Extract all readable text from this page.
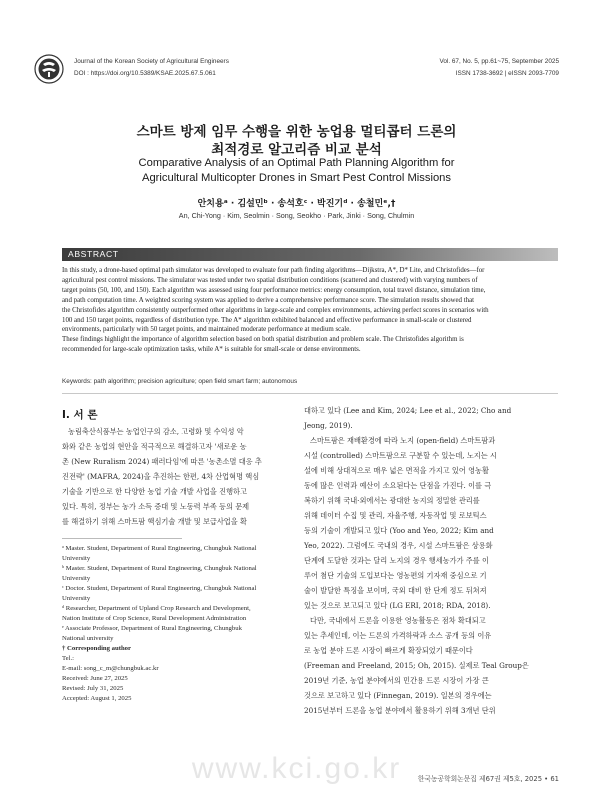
Journal of the Korean Society of Agricultural Engineers
DOI : https://doi.org/10.5389/KSAE.2025.67.5.061
Vol. 67, No. 5, pp.61~75, September 2025
ISSN 1738-3692 | eISSN 2093-7709
스마트 방제 임무 수행을 위한 농업용 멀티콥터 드론의
최적경로 알고리즘 비교 분석
Comparative Analysis of an Optimal Path Planning Algorithm for
Agricultural Multicopter Drones in Smart Pest Control Missions
안치용ᵃ · 김설민ᵇ · 송석호ᶜ · 박진기ᵈ · 송철민ᵉ,†
An, Chi-Yong · Kim, Seolmin · Song, Seokho · Park, Jinki · Song, Chulmin
ABSTRACT

In this study, a drone-based optimal path simulator was developed to evaluate four path finding algorithms—Dijkstra, A*, D* Lite, and Christofides—for

agricultural pest control missions. The simulator was tested under two spatial distribution conditions (scattered and clustered) with varying numbers of

target points (50, 100, and 150). Each algorithm was assessed using four performance metrics: energy consumption, total travel distance, simulation time,

and path computation time. A weighted scoring system was applied to derive a comprehensive performance score. The simulation results showed that

the Christofides algorithm consistently outperformed other algorithms in large-scale and complex environments, achieving perfect scores in scenarios with

100 and 150 target points, regardless of distribution type. The A* algorithm exhibited balanced and effective performance in small-scale or clustered

environments, particularly with 50 target points, and maintained moderate performance at medium scale.

These findings highlight the importance of algorithm selection based on both spatial distribution and problem scale. The Christofides algorithm is

recommended for large-scale optimization tasks, while A* is suitable for small-scale or dense environments.

Keywords: path algorithm; precision agriculture; open field smart farm; autonomous
Ⅰ. 서 론
농림축산식품부는 농업인구의 감소, 고령화 및 수익성 악
화와 같은 농업의 현안을 적극적으로 해결하고자 '새로운 농
촌 (New Ruralism 2024) 패러다임'에 따른 '농촌소멸 대응 추
진전략' (MAFRA, 2024)을 추진하는 한편, 4차 산업혁명 핵심
기술을 기반으로 한 다양한 농업 기술 개발 사업을 진행하고
있다. 특히, 정부는 농가 소득 증대 및 노동력 부족 등의 문제
를 해결하기 위해 스마트팜 핵심기술 개발 및 보급사업을 확
ᵃ Master. Student, Department of Rural Engineering, Chungbuk National
University
ᵇ Master. Student, Department of Rural Engineering, Chungbuk National
University
ᶜ Doctor. Student, Department of Rural Engineering, Chungbuk National
University
ᵈ Researcher, Department of Upland Crop Research and Development,
Nation Institute of Crop Science, Rural Development Administration
ᵉ Associate Professor, Department of Rural Engineering, Chungbuk
National university
† Corresponding author
Tel.:
E-mail: song_c_m@chungbuk.ac.kr
Received: June 27, 2025
Revised: July 31, 2025
Accepted: August 1, 2025
대하고 있다 (Lee and Kim, 2024; Lee et al., 2022; Cho and
Jeong, 2019).
스마트팜은 재배환경에 따라 노지 (open-field) 스마트팜과
시설 (controlled) 스마트팜으로 구분할 수 있는데, 노지는 시
설에 비해 상대적으로 매우 넓은 면적을 가지고 있어 영농활
동에 많은 인력과 예산이 소요된다는 단점을 가진다. 이를 극
복하기 위해 국내·외에서는 광대한 농지의 정밀한 관리를
위해 데이터 수집 및 관리, 자율주행, 자동작업 및 로보틱스
등의 기술이 개발되고 있다 (Yoo and Yeo, 2022; Kim and
Yeo, 2022). 그럼에도 국내의 경우, 시설 스마트팜은 상용화
단계에 도달한 것과는 달리 노지의 경우 행세농가가 주를 이
루어 첨단 기술의 도입보다는 영농편의 기자재 중심으로 기
술이 발달한 특징을 보이며, 국외 대비 한 단계 정도 뒤쳐져
있는 것으로 보고되고 있다 (LG ERI, 2018; RDA, 2018).
다만, 국내에서 드론을 이용한 영농활동은 점차 확대되고
있는 추세인데, 이는 드론의 가격하락과 소스 공개 등의 이유
로 농업 분야 드론 시장이 빠르게 확장되었기 때문이다
(Freeman and Freeland, 2015; Oh, 2015). 실제로 Teal Group은
2019년 기준, 농업 분야에서의 민간용 드론 시장이 가장 큰
것으로 보고하고 있다 (Finnegan, 2019). 일본의 경우에는
2015년부터 드론을 농업 분야에서 활용하기 위해 3개년 단위
www.kci.go.kr	한국농공학회논문집 제67권 제5호, 2025 • 61
